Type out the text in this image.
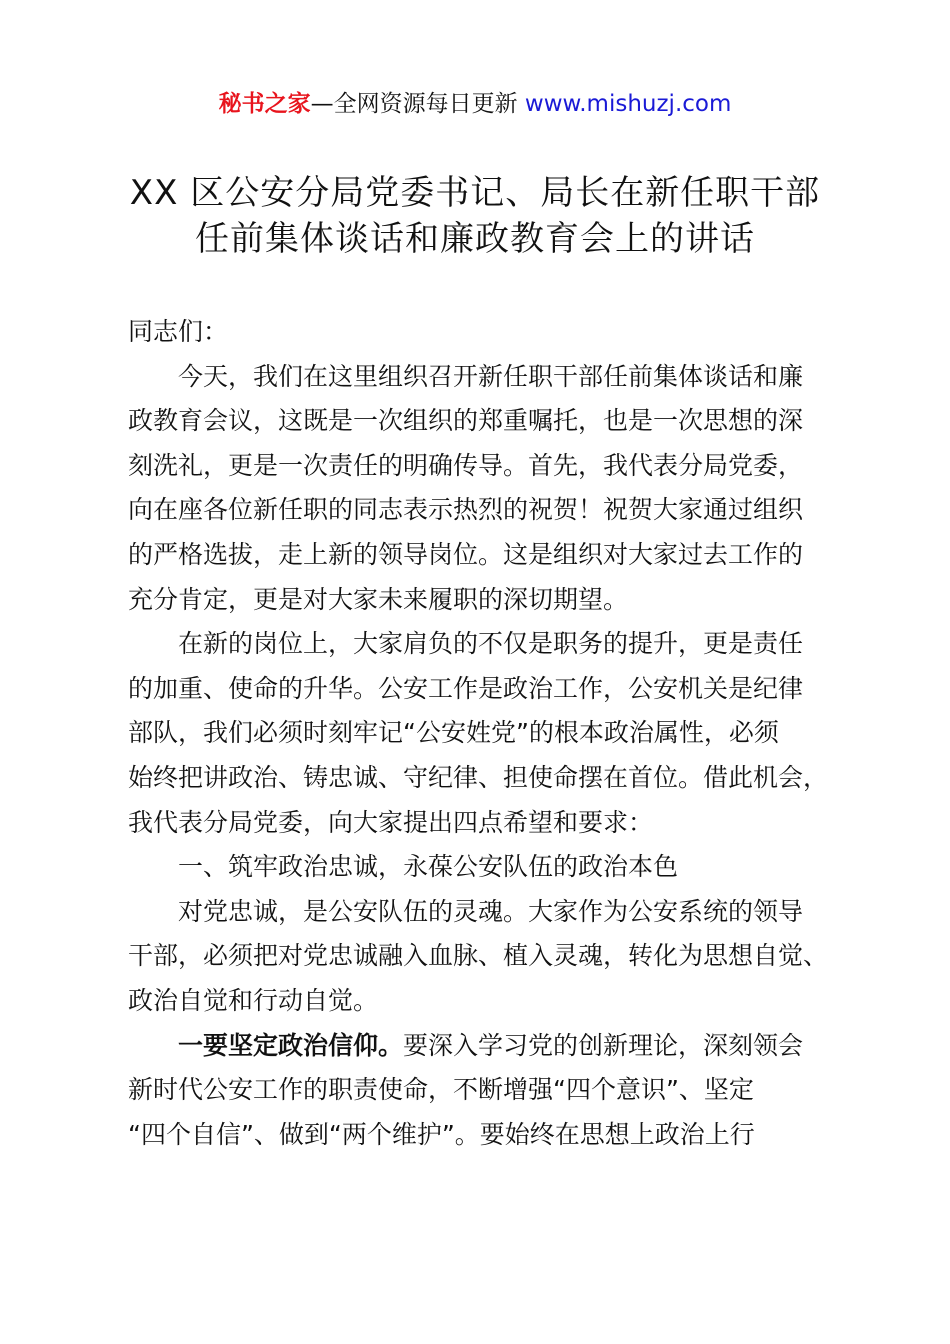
秘书之家—全网资源每日更新 www.mishuzj.com
XX 区公安分局党委书记、局长在新任职干部
任前集体谈话和廉政教育会上的讲话
同志们：
今天，我们在这里组织召开新任职干部任前集体谈话和廉
政教育会议，这既是一次组织的郑重嘱托，也是一次思想的深
刻洗礼，更是一次责任的明确传导。首先，我代表分局党委，
向在座各位新任职的同志表示热烈的祝贺！祝贺大家通过组织
的严格选拔，走上新的领导岗位。这是组织对大家过去工作的
充分肯定，更是对大家未来履职的深切期望。
在新的岗位上，大家肩负的不仅是职务的提升，更是责任
的加重、使命的升华。公安工作是政治工作，公安机关是纪律
部队，我们必须时刻牢记“公安姓党”的根本政治属性，必须
始终把讲政治、铸忠诚、守纪律、担使命摆在首位。借此机会，
我代表分局党委，向大家提出四点希望和要求：
一、筑牢政治忠诚，永葆公安队伍的政治本色
对党忠诚，是公安队伍的灵魂。大家作为公安系统的领导
干部，必须把对党忠诚融入血脉、植入灵魂，转化为思想自觉、
政治自觉和行动自觉。
一要坚定政治信仰。要深入学习党的创新理论，深刻领会
新时代公安工作的职责使命，不断增强“四个意识”、坚定
“四个自信”、做到“两个维护”。要始终在思想上政治上行
